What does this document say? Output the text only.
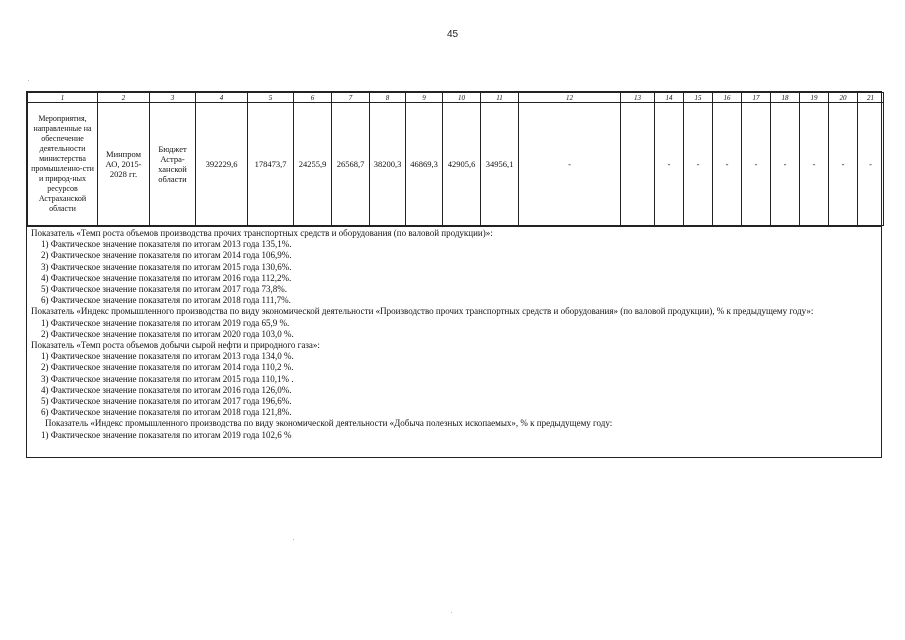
45
1	2	3	4	5	6	7	8	9	10	11	12	13	14	15	16	17	18	19	20	21
Мероприятия, направленные на обеспечение деятельности министерства промышленно-сти и природ-ных ресурсов Астраханской области	Минпром АО, 2015-2028 гг.	Бюджет Астра-ханской области	392229,6	178473,7	24255,9	26568,7	38200,3	46869,3	42905,6	34956,1	-		-	-	-	-	-	-	-	-

Показатель «Темп роста объемов производства прочих транспортных средств и оборудования (по валовой продукции)»:

1) Фактическое значение показателя по итогам 2013 года 135,1%.

2) Фактическое значение показателя по итогам 2014 года 106,9%.

3) Фактическое значение показателя по итогам 2015 года 130,6%.

4) Фактическое значение показателя по итогам 2016 года 112,2%.

5) Фактическое значение показателя по итогам 2017 года 73,8%.

6) Фактическое значение показателя по итогам 2018 года 111,7%.

Показатель «Индекс промышленного производства по виду экономической деятельности «Производство прочих транспортных средств и оборудования» (по валовой продукции), % к предыдущему году»:

1) Фактическое значение показателя по итогам 2019 года 65,9 %.

2) Фактическое значение показателя по итогам 2020 года 103,0 %.

Показатель «Темп роста объемов добычи сырой нефти и природного газа»:

1) Фактическое значение показателя по итогам 2013 года 134,0 %.

2) Фактическое значение показателя по итогам 2014 года 110,2 %.

3) Фактическое значение показателя по итогам 2015 года 110,1% .

4) Фактическое значение показателя по итогам 2016 года 126,0%.

5) Фактическое значение показателя по итогам 2017 года 196,6%.

6) Фактическое значение показателя по итогам 2018 года 121,8%.

Показатель «Индекс промышленного производства по виду экономической деятельности «Добыча полезных ископаемых», % к предыдущему году:

1) Фактическое значение показателя по итогам 2019 года 102,6 %
